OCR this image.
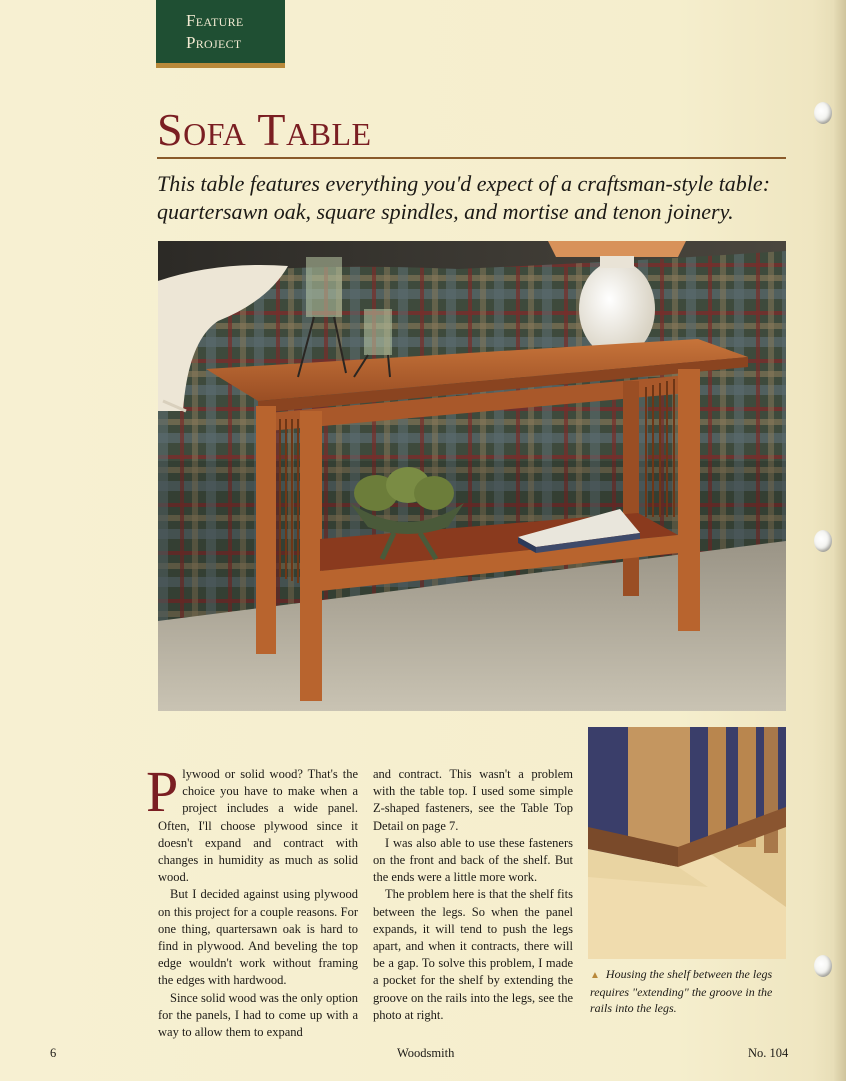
Feature
Project
Sofa Table

This table features everything you'd expect of a craftsman-style table: quartersawn oak, square spindles, and mortise and tenon joinery.

Plywood or solid wood? That's the choice you have to make when a project includes a wide panel. Often, I'll choose plywood since it doesn't expand and contract with changes in humidity as much as solid wood.

But I decided against using plywood on this project for a couple reasons. For one thing, quartersawn oak is hard to find in plywood. And beveling the top edge wouldn't work without framing the edges with hardwood.

Since solid wood was the only option for the panels, I had to come up with a way to allow them to expand

and contract. This wasn't a problem with the table top. I used some simple Z-shaped fasteners, see the Table Top Detail on page 7.

I was also able to use these fasteners on the front and back of the shelf. But the ends were a little more work.

The problem here is that the shelf fits between the legs. So when the panel expands, it will tend to push the legs apart, and when it contracts, there will be a gap. To solve this problem, I made a pocket for the shelf by extending the groove on the rails into the legs, see the photo at right.

▲ Housing the shelf between the legs requires "extending" the groove in the rails into the legs.
6	Woodsmith	No. 104
